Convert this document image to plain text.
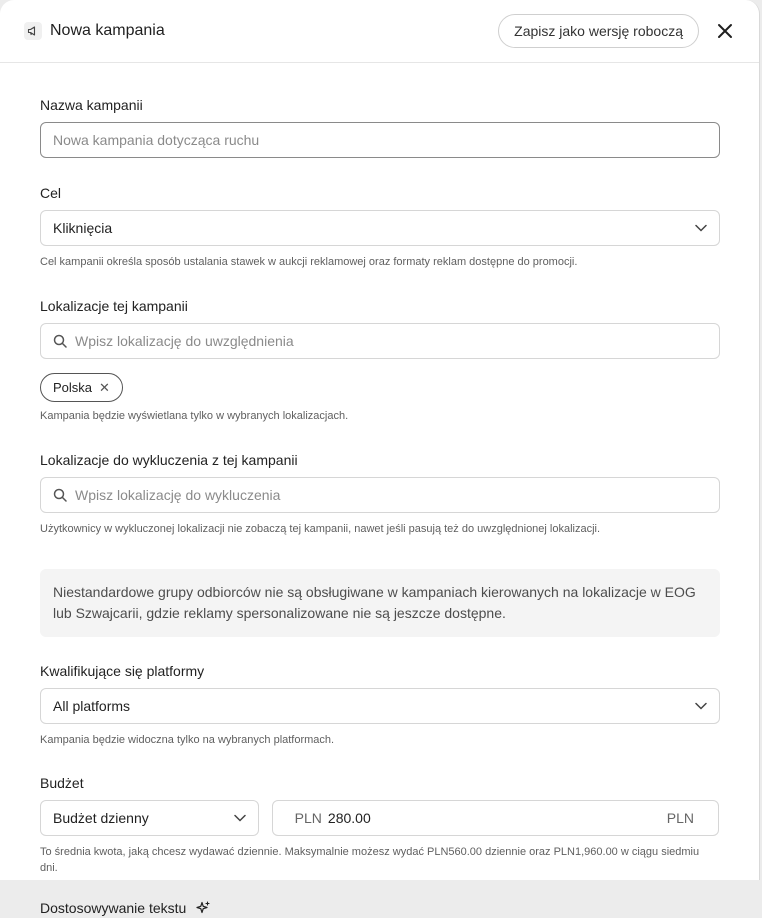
Nowa kampania	Zapisz jako wersję roboczą
Nazwa kampanii
Nowa kampania dotycząca ruchu
Cel
Kliknięcia
Cel kampanii określa sposób ustalania stawek w aukcji reklamowej oraz formaty reklam dostępne do promocji.
Lokalizacje tej kampanii
Wpisz lokalizację do uwzględnienia
Polska ✕
Kampania będzie wyświetlana tylko w wybranych lokalizacjach.
Lokalizacje do wykluczenia z tej kampanii
Wpisz lokalizację do wykluczenia
Użytkownicy w wykluczonej lokalizacji nie zobaczą tej kampanii, nawet jeśli pasują też do uwzględnionej lokalizacji.
Niestandardowe grupy odbiorców nie są obsługiwane w kampaniach kierowanych na lokalizacje w EOG lub Szwajcarii, gdzie reklamy spersonalizowane nie są jeszcze dostępne.
Kwalifikujące się platformy
All platforms
Kampania będzie widoczna tylko na wybranych platformach.
Budżet
Budżet dzienny	PLN 280.00	PLN
To średnia kwota, jaką chcesz wydawać dziennie. Maksymalnie możesz wydać PLN560.00 dziennie oraz PLN1,960.00 w ciągu siedmiu dni.
Dostosowywanie tekstu
